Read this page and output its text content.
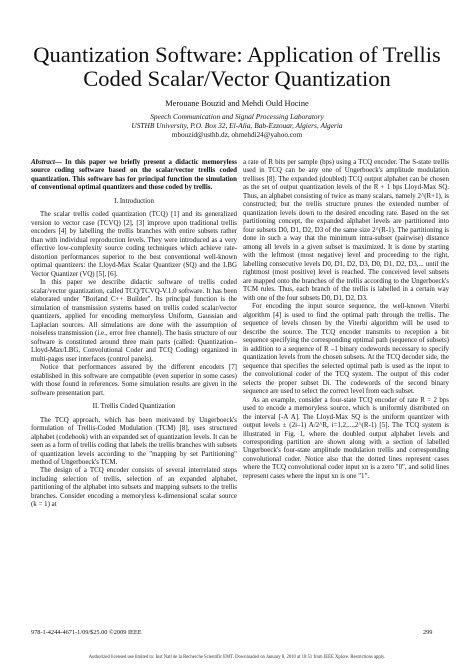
Quantization Software: Application of Trellis
Coded Scalar/Vector Quantization
Merouane Bouzid and Mehdi Ould Hocine
Speech Communication and Signal Processing Laboratory
USTHB University, P.O. Box 32, El-Alia, Bab-Ezzouar, Algiers, Algeria
mbouzid@usthb.dz, ohmehdi24@yahoo.com

Abstract— In this paper we briefly present a didactic memoryless source coding software based on the scalar/vector trellis coded quantization. This software has for principal function the simulation of conventional optimal quantizers and those coded by trellis.

I. Introduction

The scalar trellis coded quantization (TCQ) [1] and its generalized version to vector case (TCVQ) [2], [3] improve upon traditional trellis encoders [4] by labelling the trellis branches with entire subsets rather than with individual reproduction levels. They were introduced as a very effective low-complexity source coding techniques which achieve rate-distortion performances superior to the best conventional well-known optimal quantizers: the Lloyd-Max Scalar Quantizer (SQ) and the LBG Vector Quantizer (VQ) [5], [6].

In this paper we describe didactic software of trellis coded scalar/vector quantization, called TCQ/TCVQ-V.1.0 software. It has been elaborated under "Borland C++ Builder". Its principal function is the simulation of transmission systems based on trellis coded scalar/vector quantizers, applied for encoding memoryless Uniform, Gaussian and Laplacian sources. All simulations are done with the assumption of noiseless transmission (i.e., error free channel). The basis structure of our software is constituted around three main parts (called: Quantization– Lloyd-Max/LBG, Convolutional Coder and TCQ Coding) organized in multi-pages user interfaces (control panels).

Notice that performances assured by the different encoders [7] established in this software are compatible (even superior in some cases) with those found in references. Some simulation results are given in the software presentation part.

II. Trellis Coded Quantization

The TCQ approach, which has been motivated by Ungerboeck's formulation of Trellis-Coded Modulation (TCM) [8], uses structured alphabet (codebook) with an expanded set of quantization levels. It can be seen as a form of trellis coding that labels the trellis branches with subsets of quantization levels according to the "mapping by set Partitioning" method of Ungerboeck's TCM.

The design of a TCQ encoder consists of several interrelated steps including selection of trellis, selection of an expanded alphabet, partitioning of the alphabet into subsets and mapping subsets to the trellis branches. Consider encoding a memoryless k-dimensional scalar source (k = 1) at

a rate of R bits per sample (bps) using a TCQ encoder. The S-state trellis used in TCQ can be any one of Ungerboeck's amplitude modulation trellises [8]. The expanded (doubled) TCQ output alphabet can be chosen as the set of output quantization levels of the R + 1 bps Lloyd-Max SQ. Thus, an alphabet consisting of twice as many scalars, namely 2^(R+1), is constructed; but the trellis structure prunes the extended number of quantization levels down to the desired encoding rate. Based on the set partitioning concept, the expanded alphabet levels are partitioned into four subsets D0, D1, D2, D3 of the same size 2^(R-1). The partitioning is done in such a way that the minimum intra-subset (pairwise) distance among all levels in a given subset is maximized. It is done by starting with the leftmost (most negative) level and proceeding to the right, labelling consecutive levels D0, D1, D2, D3, D0, D1, D2, D3,... until the rightmost (most positive) level is reached. The conceived level subsets are mapped onto the branches of the trellis according to the Ungerboeck's TCM rules. Thus, each branch of the trellis is labelled in a certain way with one of the four subsets D0, D1, D2, D3.

For encoding the input source sequence, the well-known Viterbi algorithm [4] is used to find the optimal path through the trellis. The sequence of levels chosen by the Viterbi algorithm will be used to describe the source. The TCQ encoder transmits to reception a bit sequence specifying the corresponding optimal path (sequence of subsets) in addition to a sequence of R –1 binary codewords necessary to specify quantization levels from the chosen subsets. At the TCQ decoder side, the sequence that specifies the selected optimal path is used as the input to the convolutional coder of the TCQ system. The output of this coder selects the proper subset Di. The codewords of the second binary sequence are used to select the correct level from each subset.

As an example, consider a four-state TCQ encoder of rate R = 2 bps used to encode a memoryless source, which is uniformly distributed on the interval [-A A]. The Lloyd-Max SQ is the uniform quantizer with output levels ± (2i–1) A/2^R, i=1,2,...,2^(R-1) [5]. The TCQ system is illustrated in Fig. 1, where the doubled output alphabet levels and corresponding partition are shown along with a section of labelled Ungerboeck's four-state amplitude modulation trellis and corresponding convolutional coder. Notice also that the dotted lines represent cases where the TCQ convolutional coder input xn is a zero "0", and solid lines represent cases where the input xn is one "1".

978-1-4244-4671-1/09/$25.00 ©2009 IEEE	299
Authorized licensed use limited to: Inst Natl de la Recherche Scientific EMT. Downloaded on January 8, 2010 at 10:51 from IEEE Xplore. Restrictions apply.
